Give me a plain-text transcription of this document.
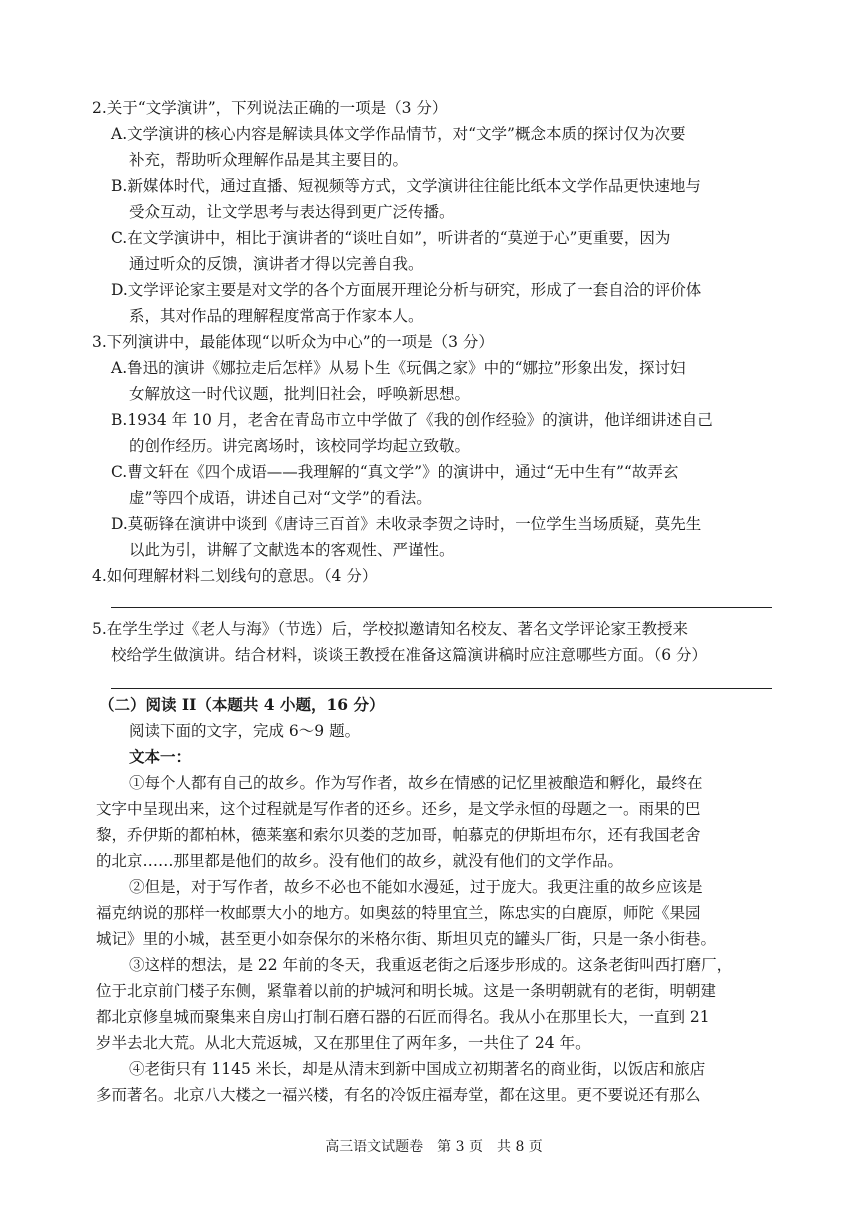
2.关于“文学演讲”，下列说法正确的一项是（3 分）
A.文学演讲的核心内容是解读具体文学作品情节，对“文学”概念本质的探讨仅为次要
补充，帮助听众理解作品是其主要目的。
B.新媒体时代，通过直播、短视频等方式，文学演讲往往能比纸本文学作品更快速地与
受众互动，让文学思考与表达得到更广泛传播。
C.在文学演讲中，相比于演讲者的“谈吐自如”，听讲者的“莫逆于心”更重要，因为
通过听众的反馈，演讲者才得以完善自我。
D.文学评论家主要是对文学的各个方面展开理论分析与研究，形成了一套自洽的评价体
系，其对作品的理解程度常高于作家本人。
3.下列演讲中，最能体现“以听众为中心”的一项是（3 分）
A.鲁迅的演讲《娜拉走后怎样》从易卜生《玩偶之家》中的“娜拉”形象出发，探讨妇
女解放这一时代议题，批判旧社会，呼唤新思想。
B.1934 年 10 月，老舍在青岛市立中学做了《我的创作经验》的演讲，他详细讲述自己
的创作经历。讲完离场时，该校同学均起立致敬。
C.曹文轩在《四个成语——我理解的“真文学”》的演讲中，通过“无中生有”“故弄玄
虚”等四个成语，讲述自己对“文学”的看法。
D.莫砺锋在演讲中谈到《唐诗三百首》未收录李贺之诗时，一位学生当场质疑，莫先生
以此为引，讲解了文献选本的客观性、严谨性。
4.如何理解材料二划线句的意思。（4 分）
5.在学生学过《老人与海》（节选）后，学校拟邀请知名校友、著名文学评论家王教授来
校给学生做演讲。结合材料，谈谈王教授在准备这篇演讲稿时应注意哪些方面。（6 分）
（二）阅读 II（本题共 4 小题，16 分）
阅读下面的文字，完成 6～9 题。
文本一：
①每个人都有自己的故乡。作为写作者，故乡在情感的记忆里被酿造和孵化，最终在
文字中呈现出来，这个过程就是写作者的还乡。还乡，是文学永恒的母题之一。雨果的巴
黎，乔伊斯的都柏林，德莱塞和索尔贝娄的芝加哥，帕慕克的伊斯坦布尔，还有我国老舍
的北京……那里都是他们的故乡。没有他们的故乡，就没有他们的文学作品。
②但是，对于写作者，故乡不必也不能如水漫延，过于庞大。我更注重的故乡应该是
福克纳说的那样一枚邮票大小的地方。如奥兹的特里宜兰，陈忠实的白鹿原，师陀《果园
城记》里的小城，甚至更小如奈保尔的米格尔街、斯坦贝克的罐头厂街，只是一条小街巷。
③这样的想法，是 22 年前的冬天，我重返老街之后逐步形成的。这条老街叫西打磨厂，
位于北京前门楼子东侧，紧靠着以前的护城河和明长城。这是一条明朝就有的老街，明朝建
都北京修皇城而聚集来自房山打制石磨石器的石匠而得名。我从小在那里长大，一直到 21
岁半去北大荒。从北大荒返城，又在那里住了两年多，一共住了 24 年。
④老街只有 1145 米长，却是从清末到新中国成立初期著名的商业街，以饭店和旅店
多而著名。北京八大楼之一福兴楼，有名的冷饭庄福寿堂，都在这里。更不要说还有那么
高三语文试题卷　第 3 页　共 8 页
